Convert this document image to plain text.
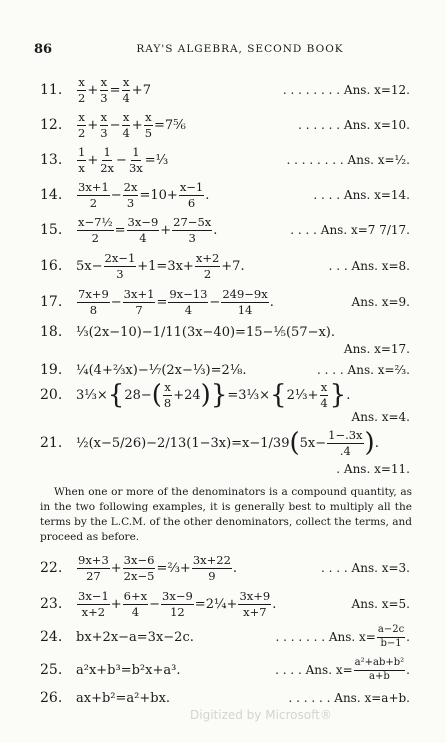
86	RAY'S ALGEBRA, SECOND BOOK
11.	$\frac{x}{2} + \frac{x}{3} = \frac{x}{4} +7$	. . . . . . . . Ans. x=12.
12.	$\frac{x}{2} + \frac{x}{3} - \frac{x}{4} + \frac{x}{5}$ =7⅚	. . . . . . Ans. x=10.
13.	$\frac{1}{x} + \frac{1}{2x} - \frac{1}{3x}$ =⅓	. . . . . . . . Ans. x=½.
14.	$\frac{3x+1}{2} - \frac{2x}{3} =10+ \frac{x-1}{6}$ .	. . . . Ans. x=14.
15.	$\frac{\text{x−7½}}{2} = \frac{3x-9}{4} + \frac{27-5x}{3}$ .	. . . . Ans. x=7 7/17.
16.	$5x- \frac{2x-1}{3} +1=3x+ \frac{x+2}{2} +7$.	. . . Ans. x=8.
17.	$\frac{7x+9}{8} - \frac{3x+1}{7} = \frac{9x-13}{4} - \frac{249-9x}{14}$ .	Ans. x=9.
18.	⅓(2x−10)−1/11(3x−40)=15−⅕(57−x).
Ans. x=17.
19.	¼(4+⅔x)−⅐(2x−⅓)=2⅛.	. . . . Ans. x=⅔.
20.	3⅓× { 28− ( $\frac{x}{8} +24$ ) } =3⅓× { 2⅓+ $\frac{x}{4}$ } .
Ans. x=4.
21.	½(x−5/26)−2/13(1−3x)=x−1/39 ( $5x- \frac{1-.3x}{.4}$ ) .
. Ans. x=11.

When one or more of the denominators is a compound quantity, as in the two following examples, it is generally best to multiply all the terms by the L.C.M. of the other denominators, collect the terms, and proceed as before.

22.	$\frac{9x+3}{27} + \frac{3x-6}{2x-5}$ =⅔+ $\frac{3x+22}{9}$ .	. . . . Ans. x=3.
23.	$\frac{3x-1}{x+2} + \frac{6+x}{4} - \frac{3x-9}{12}$ =2¼+ $\frac{3x+9}{x+7}$ .	Ans. x=5.
24.	bx+2x−a=3x−2c.	. . . . . . . Ans. $x= \frac{a-2c}{b-1}$ .
25.	a²x+b³=b²x+a³.	. . . . Ans. $x= \frac{\text{a²+ab+b²}}{a+b}$ .
26.	ax+b²=a²+bx.	. . . . . . Ans. x=a+b.
Digitized by Microsoft®
